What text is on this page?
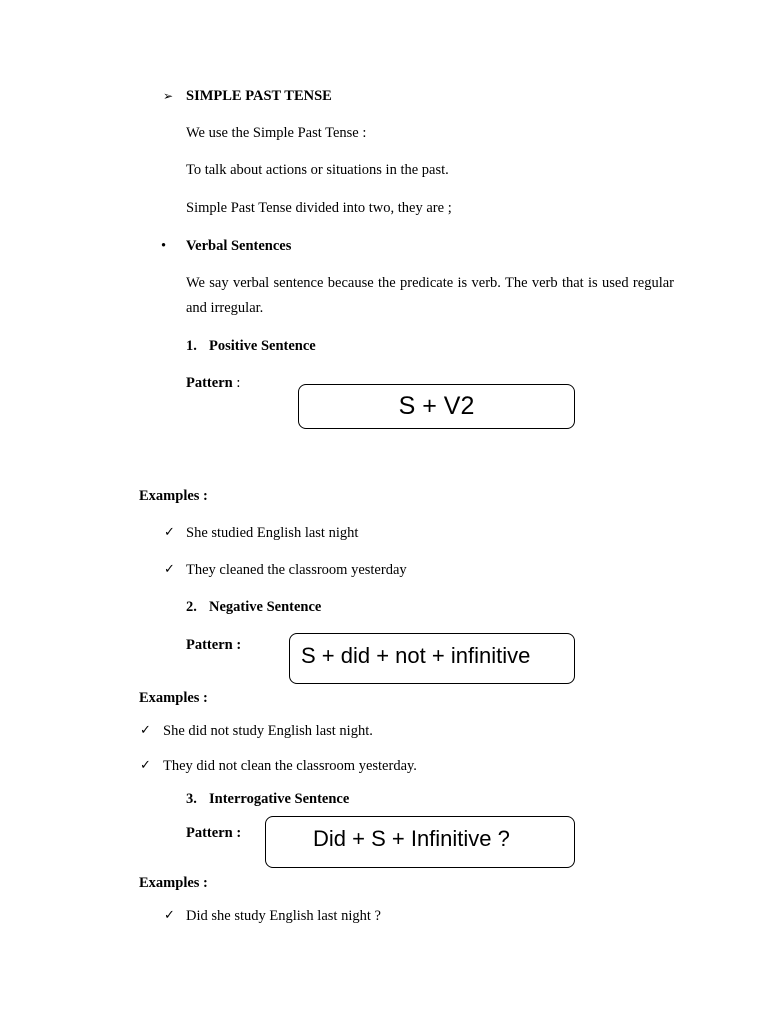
➢ SIMPLE PAST TENSE
We use the Simple Past Tense :
To talk about actions or situations in the past.
Simple Past Tense divided into two, they are ;
• Verbal Sentences
We say verbal sentence because the predicate is verb. The verb that is used regular and irregular.
1. Positive Sentence
Pattern :
S + V2
Examples :
✓ She studied English last night
✓ They cleaned the classroom yesterday
2. Negative Sentence
Pattern :	S + did + not + infinitive
Examples :
✓ She did not study English last night.
✓ They did not clean the classroom yesterday.
3. Interrogative Sentence
Pattern :	Did + S + Infinitive ?
Examples :
✓ Did she study English last night ?
